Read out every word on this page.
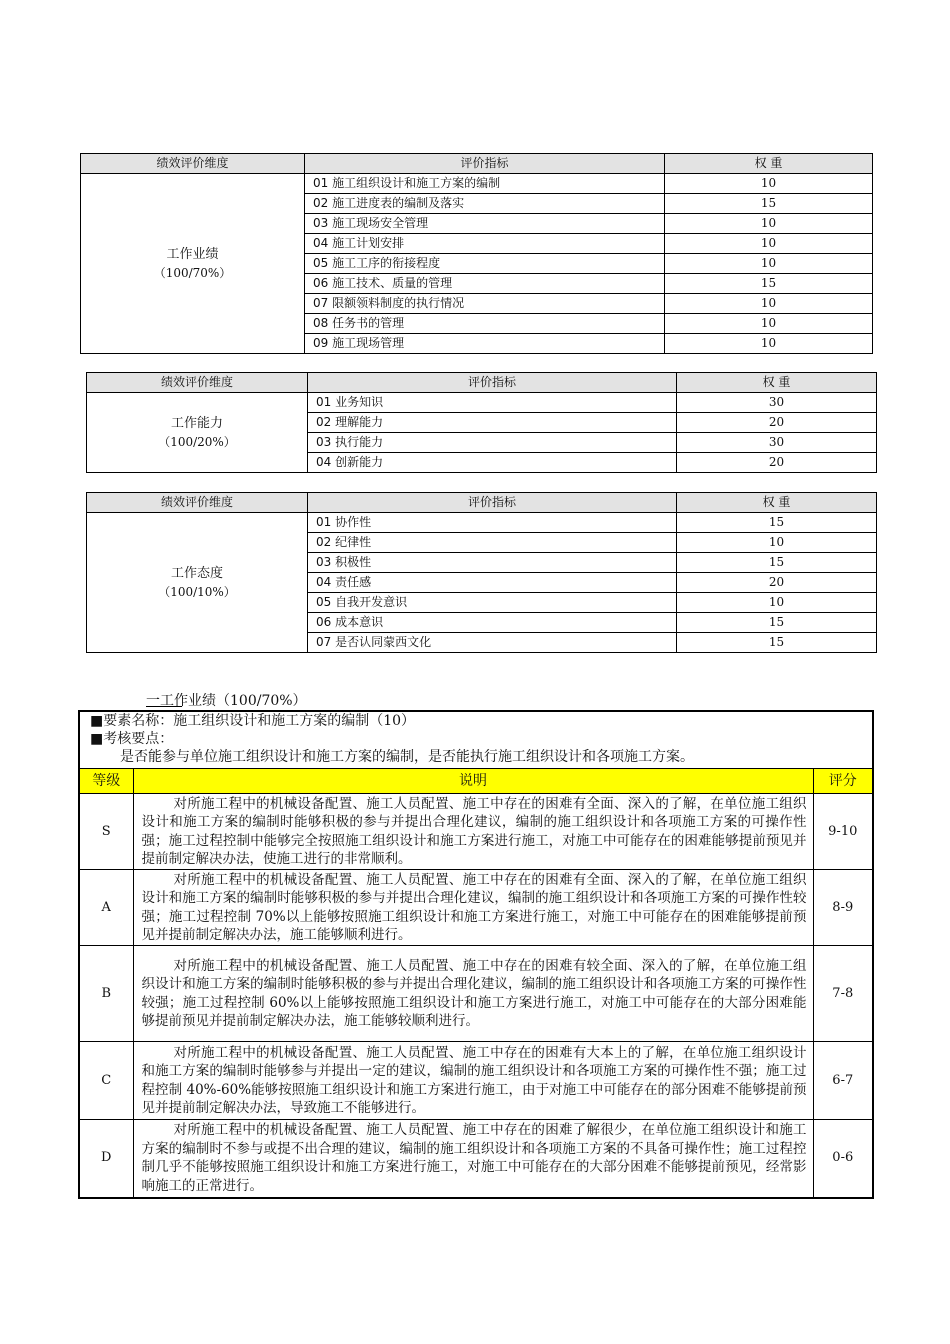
绩效评价维度	评价指标	权 重

工作业绩
（100/70%）	01 施工组织设计和施工方案的编制	10
	02 施工进度表的编制及落实	15
	03 施工现场安全管理	10
	04 施工计划安排	10
	05 施工工序的衔接程度	10
	06 施工技术、质量的管理	15
	07 限额领料制度的执行情况	10
	08 任务书的管理	10
	09 施工现场管理	10
绩效评价维度	评价指标	权 重

工作能力
（100/20%）	01 业务知识	30
	02 理解能力	20
	03 执行能力	30
	04 创新能力	20
绩效评价维度	评价指标	权 重

工作态度
（100/10%）	01 协作性	15
	02 纪律性	10
	03 积极性	15
	04 责任感	20
	05 自我开发意识	10
	06 成本意识	15
	07 是否认同蒙西文化	15
一工作业绩（100/70%）
■要素名称：施工组织设计和施工方案的编制（10）		
■考核要点：		
是否能参与单位施工组织设计和施工方案的编制，是否能执行施工组织设计和各项施工方案。		
等级	说明	评分
S	对所施工程中的机械设备配置、施工人员配置、施工中存在的困难有全面、深入的了解，在单位施工组织设计和施工方案的编制时能够积极的参与并提出合理化建议，编制的施工组织设计和各项施工方案的可操作性强；施工过程控制中能够完全按照施工组织设计和施工方案进行施工，对施工中可能存在的困难能够提前预见并提前制定解决办法，使施工进行的非常顺利。	9-10
A	对所施工程中的机械设备配置、施工人员配置、施工中存在的困难有全面、深入的了解，在单位施工组织设计和施工方案的编制时能够积极的参与并提出合理化建议，编制的施工组织设计和各项施工方案的可操作性较强；施工过程控制 70%以上能够按照施工组织设计和施工方案进行施工，对施工中可能存在的困难能够提前预见并提前制定解决办法，施工能够顺利进行。	8-9
B	对所施工程中的机械设备配置、施工人员配置、施工中存在的困难有较全面、深入的了解，在单位施工组织设计和施工方案的编制时能够积极的参与并提出合理化建议，编制的施工组织设计和各项施工方案的可操作性较强；施工过程控制 60%以上能够按照施工组织设计和施工方案进行施工，对施工中可能存在的大部分困难能够提前预见并提前制定解决办法，施工能够较顺利进行。	7-8
C	对所施工程中的机械设备配置、施工人员配置、施工中存在的困难有大本上的了解，在单位施工组织设计和施工方案的编制时能够参与并提出一定的建议，编制的施工组织设计和各项施工方案的可操作性不强；施工过程控制 40%-60%能够按照施工组织设计和施工方案进行施工，由于对施工中可能存在的部分困难不能够提前预见并提前制定解决办法，导致施工不能够进行。	6-7
D	对所施工程中的机械设备配置、施工人员配置、施工中存在的困难了解很少，在单位施工组织设计和施工方案的编制时不参与或提不出合理的建议，编制的施工组织设计和各项施工方案的不具备可操作性；施工过程控制几乎不能够按照施工组织设计和施工方案进行施工，对施工中可能存在的大部分困难不能够提前预见，经常影响施工的正常进行。	0-6
